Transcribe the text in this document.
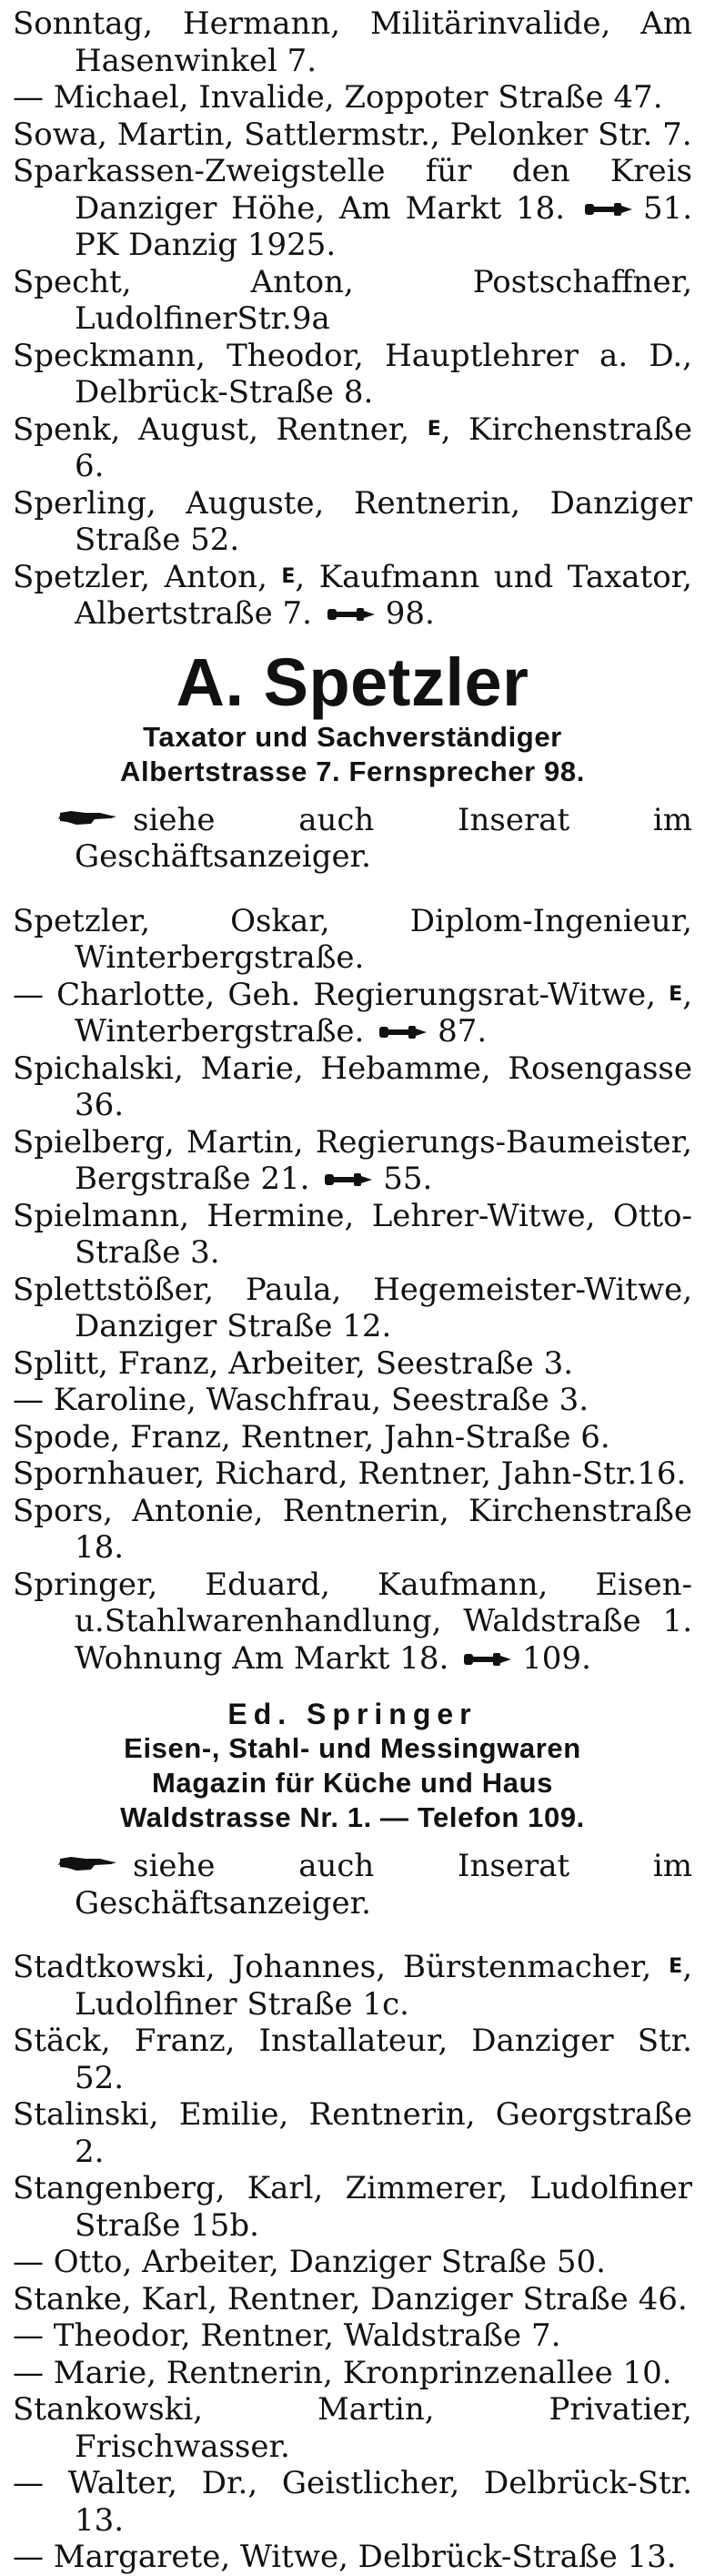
Sonntag, Hermann, Militärinvalide, Am Hasenwinkel 7.

— Michael, Invalide, Zoppoter Straße 47.

Sowa, Martin, Sattlermstr., Pelonker Str. 7.

Sparkassen-Zweigstelle für den Kreis Danziger Höhe, Am Markt 18.	51. PK Danzig 1925.

Specht, Anton, Postschaffner, LudolfinerStr.9a

Speckmann, Theodor, Hauptlehrer a. D., Delbrück-Straße 8.

Spenk, August, Rentner, E, Kirchenstraße 6.

Sperling, Auguste, Rentnerin, Danziger Straße 52.

Spetzler, Anton, E, Kaufmann und Taxator, Albertstraße 7. 98.

A. Spetzler
Taxator und Sachverständiger
Albertstrasse 7. Fernsprecher 98.

siehe auch Inserat im Geschäftsanzeiger.

Spetzler, Oskar, Diplom-Ingenieur, Winterbergstraße.

— Charlotte, Geh. Regierungsrat-Witwe, E, Winterbergstraße. 87.

Spichalski, Marie, Hebamme, Rosengasse 36.

Spielberg, Martin, Regierungs-Baumeister, Bergstraße 21. 55.

Spielmann, Hermine, Lehrer-Witwe, Otto-Straße 3.

Splettstößer, Paula, Hegemeister-Witwe, Danziger Straße 12.

Splitt, Franz, Arbeiter, Seestraße 3.

— Karoline, Waschfrau, Seestraße 3.

Spode, Franz, Rentner, Jahn-Straße 6.

Spornhauer, Richard, Rentner, Jahn-Str.16.

Spors, Antonie, Rentnerin, Kirchenstraße 18.

Springer, Eduard, Kaufmann, Eisen- u.Stahlwarenhandlung, Waldstraße 1. Wohnung Am Markt 18. 109.

Ed. Springer
Eisen-, Stahl- und Messingwaren
Magazin für Küche und Haus
Waldstrasse Nr. 1. — Telefon 109.

siehe auch Inserat im Geschäftsanzeiger.

Stadtkowski, Johannes, Bürstenmacher, E, Ludolfiner Straße 1c.

Stäck, Franz, Installateur, Danziger Str. 52.

Stalinski, Emilie, Rentnerin, Georgstraße 2.

Stangenberg, Karl, Zimmerer, Ludolfiner Straße 15b.

— Otto, Arbeiter, Danziger Straße 50.

Stanke, Karl, Rentner, Danziger Straße 46.

— Theodor, Rentner, Waldstraße 7.

— Marie, Rentnerin, Kronprinzenallee 10.

Stankowski, Martin, Privatier, Frischwasser.

— Walter, Dr., Geistlicher, Delbrück-Str. 13.

— Margarete, Witwe, Delbrück-Straße 13.
